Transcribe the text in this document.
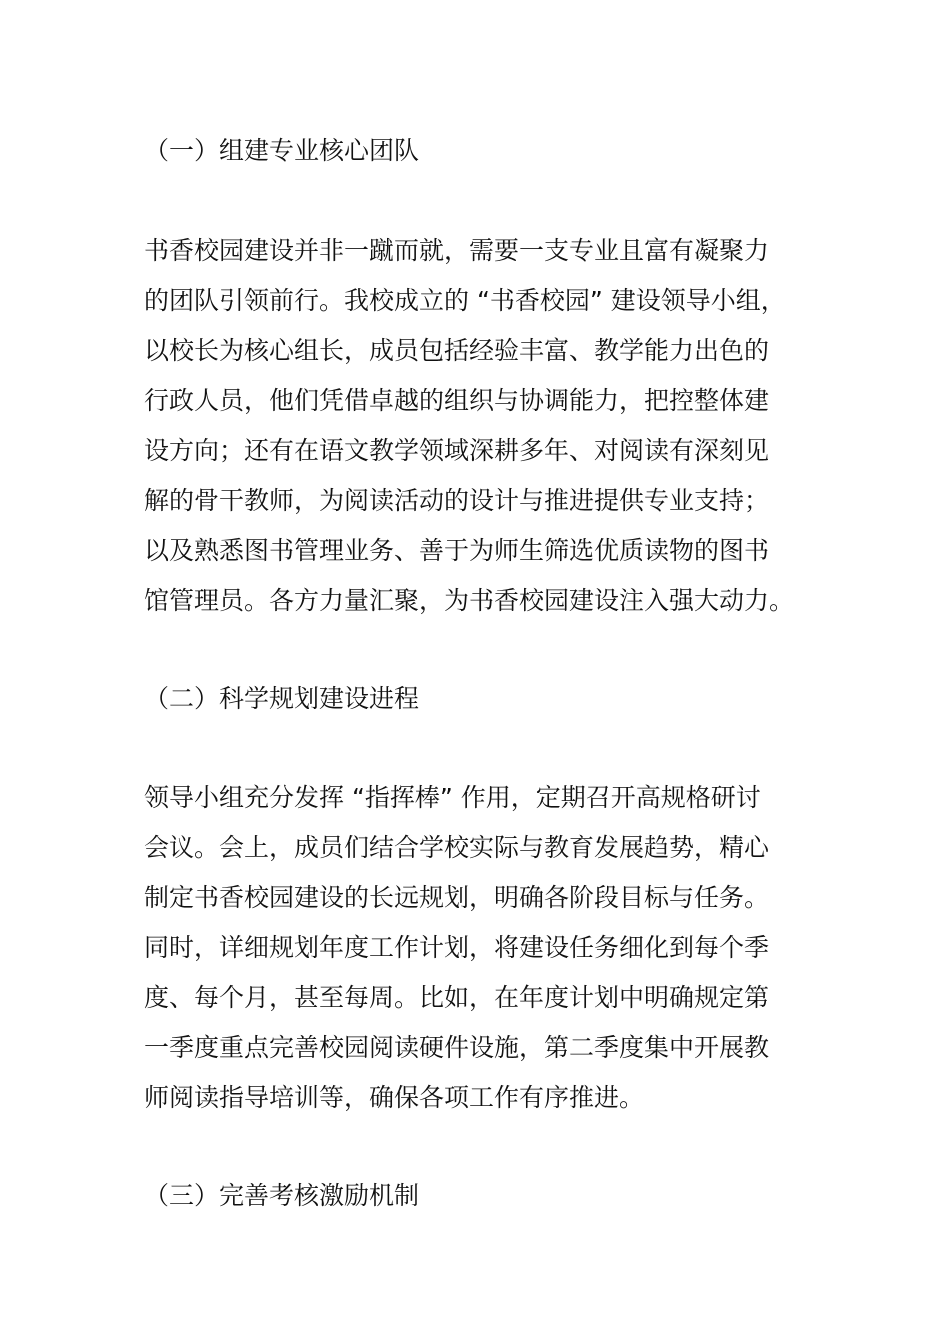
（一）组建专业核心团队
书香校园建设并非一蹴而就，需要一支专业且富有凝聚力
的团队引领前行。我校成立的 “书香校园” 建设领导小组，
以校长为核心组长，成员包括经验丰富、教学能力出色的
行政人员，他们凭借卓越的组织与协调能力，把控整体建
设方向；还有在语文教学领域深耕多年、对阅读有深刻见
解的骨干教师，为阅读活动的设计与推进提供专业支持；
以及熟悉图书管理业务、善于为师生筛选优质读物的图书
馆管理员。各方力量汇聚，为书香校园建设注入强大动力。
（二）科学规划建设进程
领导小组充分发挥 “指挥棒” 作用，定期召开高规格研讨
会议。会上，成员们结合学校实际与教育发展趋势，精心
制定书香校园建设的长远规划，明确各阶段目标与任务。
同时，详细规划年度工作计划，将建设任务细化到每个季
度、每个月，甚至每周。比如，在年度计划中明确规定第
一季度重点完善校园阅读硬件设施，第二季度集中开展教
师阅读指导培训等，确保各项工作有序推进。
（三）完善考核激励机制
